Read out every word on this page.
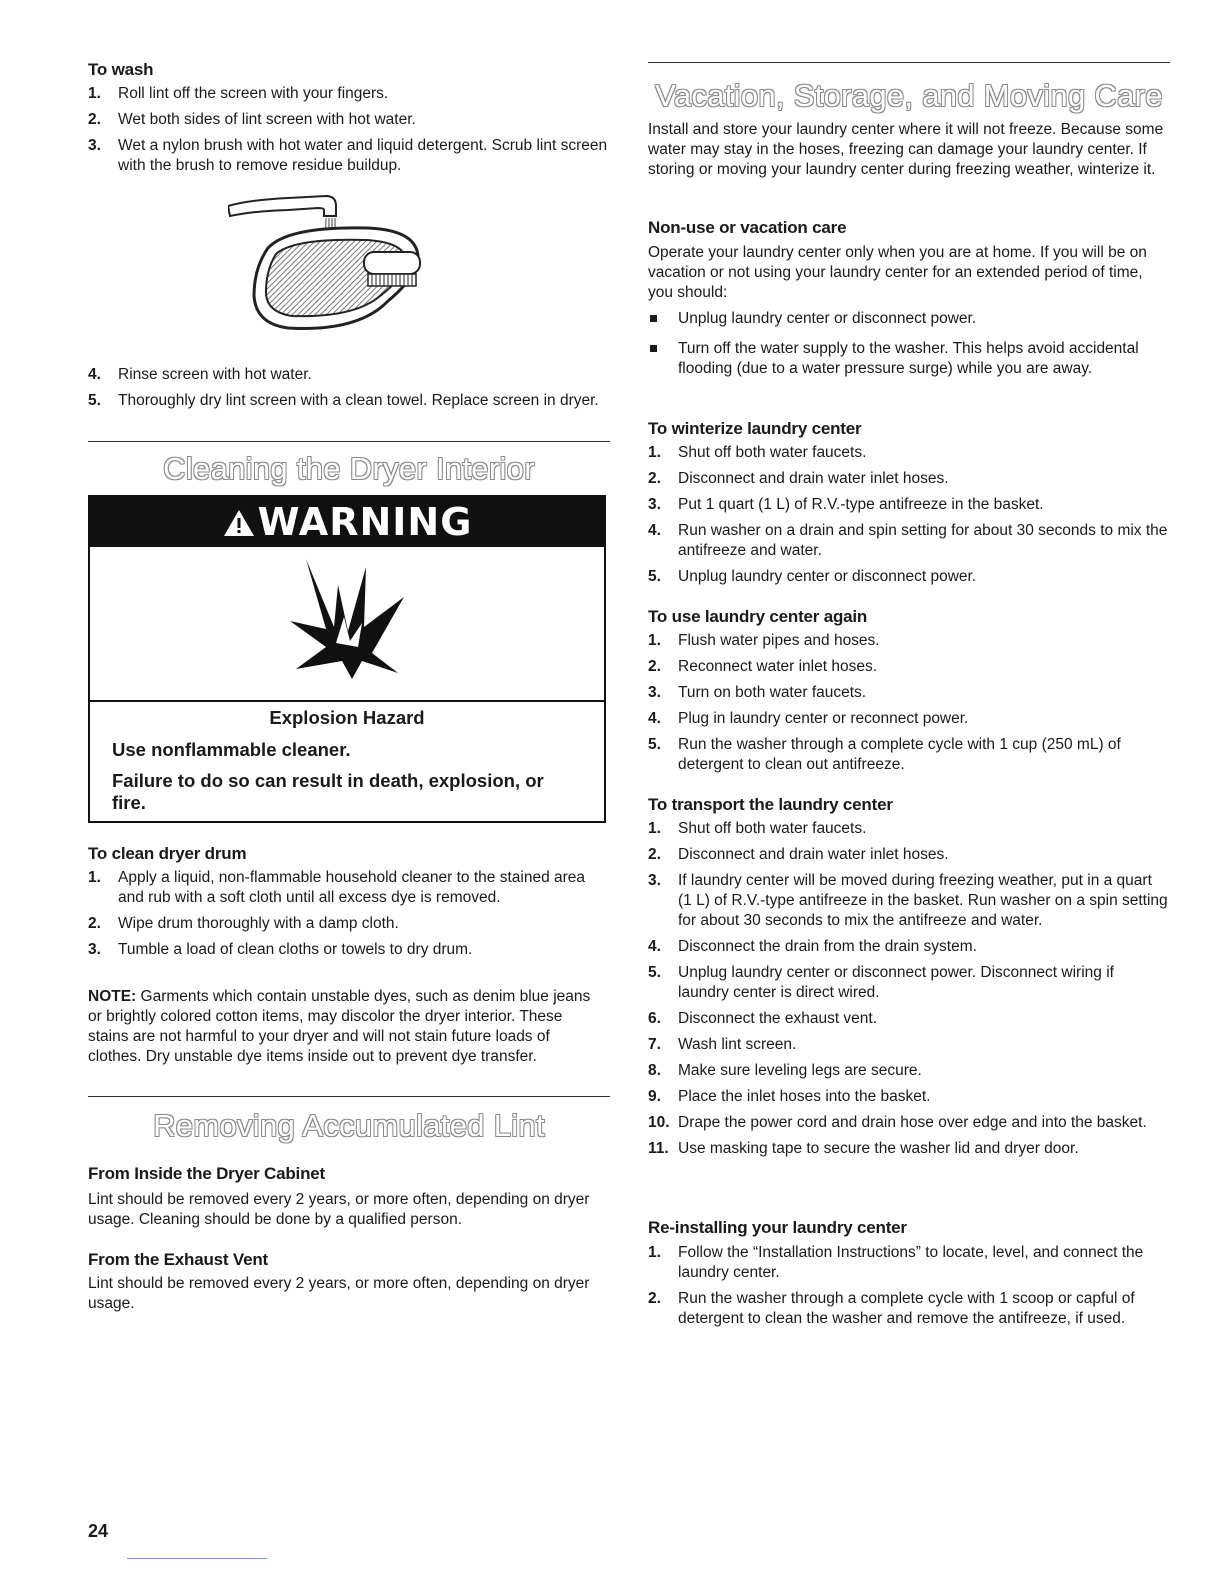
To wash
1. Roll lint off the screen with your fingers.
2. Wet both sides of lint screen with hot water.
3. Wet a nylon brush with hot water and liquid detergent. Scrub lint screen with the brush to remove residue buildup.
4. Rinse screen with hot water.
5. Thoroughly dry lint screen with a clean towel. Replace screen in dryer.
Cleaning the Dryer Interior
WARNING
Explosion Hazard
Use nonflammable cleaner.
Failure to do so can result in death, explosion, or fire.
To clean dryer drum
1. Apply a liquid, non-flammable household cleaner to the stained area and rub with a soft cloth until all excess dye is removed.
2. Wipe drum thoroughly with a damp cloth.
3. Tumble a load of clean cloths or towels to dry drum.

NOTE: Garments which contain unstable dyes, such as denim blue jeans or brightly colored cotton items, may discolor the dryer interior. These stains are not harmful to your dryer and will not stain future loads of clothes. Dry unstable dye items inside out to prevent dye transfer.

Removing Accumulated Lint
From Inside the Dryer Cabinet

Lint should be removed every 2 years, or more often, depending on dryer usage. Cleaning should be done by a qualified person.

From the Exhaust Vent

Lint should be removed every 2 years, or more often, depending on dryer usage.

Vacation, Storage, and Moving Care

Install and store your laundry center where it will not freeze. Because some water may stay in the hoses, freezing can damage your laundry center. If storing or moving your laundry center during freezing weather, winterize it.

Non-use or vacation care

Operate your laundry center only when you are at home. If you will be on vacation or not using your laundry center for an extended period of time, you should:

Unplug laundry center or disconnect power.
Turn off the water supply to the washer. This helps avoid accidental flooding (due to a water pressure surge) while you are away.
To winterize laundry center
1. Shut off both water faucets.
2. Disconnect and drain water inlet hoses.
3. Put 1 quart (1 L) of R.V.-type antifreeze in the basket.
4. Run washer on a drain and spin setting for about 30 seconds to mix the antifreeze and water.
5. Unplug laundry center or disconnect power.
To use laundry center again
1. Flush water pipes and hoses.
2. Reconnect water inlet hoses.
3. Turn on both water faucets.
4. Plug in laundry center or reconnect power.
5. Run the washer through a complete cycle with 1 cup (250 mL) of detergent to clean out antifreeze.
To transport the laundry center
1. Shut off both water faucets.
2. Disconnect and drain water inlet hoses.
3. If laundry center will be moved during freezing weather, put in a quart (1 L) of R.V.-type antifreeze in the basket. Run washer on a spin setting for about 30 seconds to mix the antifreeze and water.
4. Disconnect the drain from the drain system.
5. Unplug laundry center or disconnect power. Disconnect wiring if laundry center is direct wired.
6. Disconnect the exhaust vent.
7. Wash lint screen.
8. Make sure leveling legs are secure.
9. Place the inlet hoses into the basket.
10. Drape the power cord and drain hose over edge and into the basket.
11. Use masking tape to secure the washer lid and dryer door.
Re-installing your laundry center
1. Follow the “Installation Instructions” to locate, level, and connect the laundry center.
2. Run the washer through a complete cycle with 1 scoop or capful of detergent to clean the washer and remove the antifreeze, if used.
24
